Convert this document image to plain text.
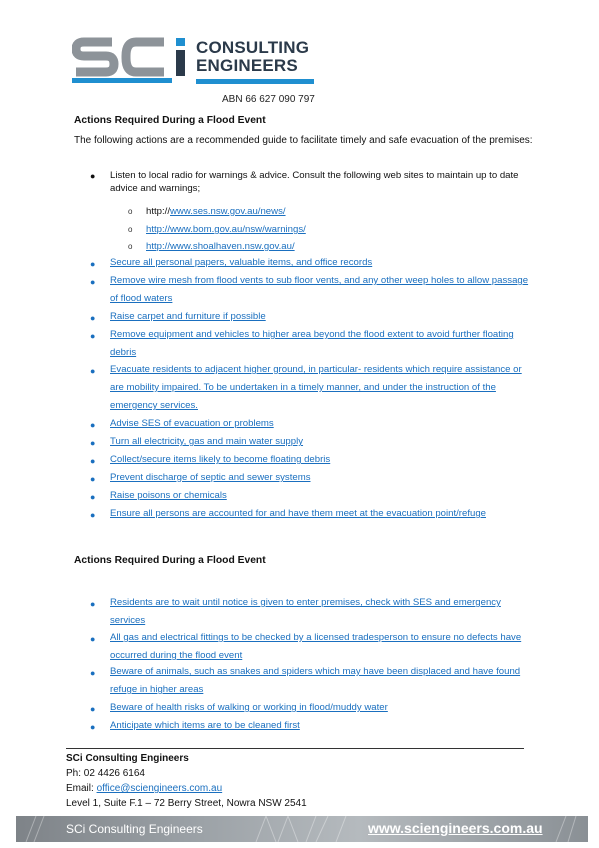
CONSULTING
ENGINEERS
ABN 66 627 090 797
Actions Required During a Flood Event
The following actions are a recommended guide to facilitate timely and safe evacuation of the premises:
● Listen to local radio for warnings & advice. Consult the following web sites to maintain up to date advice and warnings;
o http://www.ses.nsw.gov.au/news/
o http://www.bom.gov.au/nsw/warnings/
o http://www.shoalhaven.nsw.gov.au/
● Secure all personal papers, valuable items, and office records
● Remove wire mesh from flood vents to sub floor vents, and any other weep holes to allow passage of flood waters
● Raise carpet and furniture if possible
● Remove equipment and vehicles to higher area beyond the flood extent to avoid further floating debris
● Evacuate residents to adjacent higher ground, in particular- residents which require assistance or are mobility impaired. To be undertaken in a timely manner, and under the instruction of the emergency services.
● Advise SES of evacuation or problems
● Turn all electricity, gas and main water supply
● Collect/secure items likely to become floating debris
● Prevent discharge of septic and sewer systems
● Raise poisons or chemicals
● Ensure all persons are accounted for and have them meet at the evacuation point/refuge
Actions Required During a Flood Event
● Residents are to wait until notice is given to enter premises, check with SES and emergency services
● All gas and electrical fittings to be checked by a licensed tradesperson to ensure no defects have occurred during the flood event
● Beware of animals, such as snakes and spiders which may have been displaced and have found refuge in higher areas
● Beware of health risks of walking or working in flood/muddy water
● Anticipate which items are to be cleaned first
SCi Consulting Engineers
Ph: 02 4426 6164
Email: office@sciengineers.com.au
Level 1, Suite F.1 – 72 Berry Street, Nowra NSW 2541
SCi Consulting Engineers	www.sciengineers.com.au
